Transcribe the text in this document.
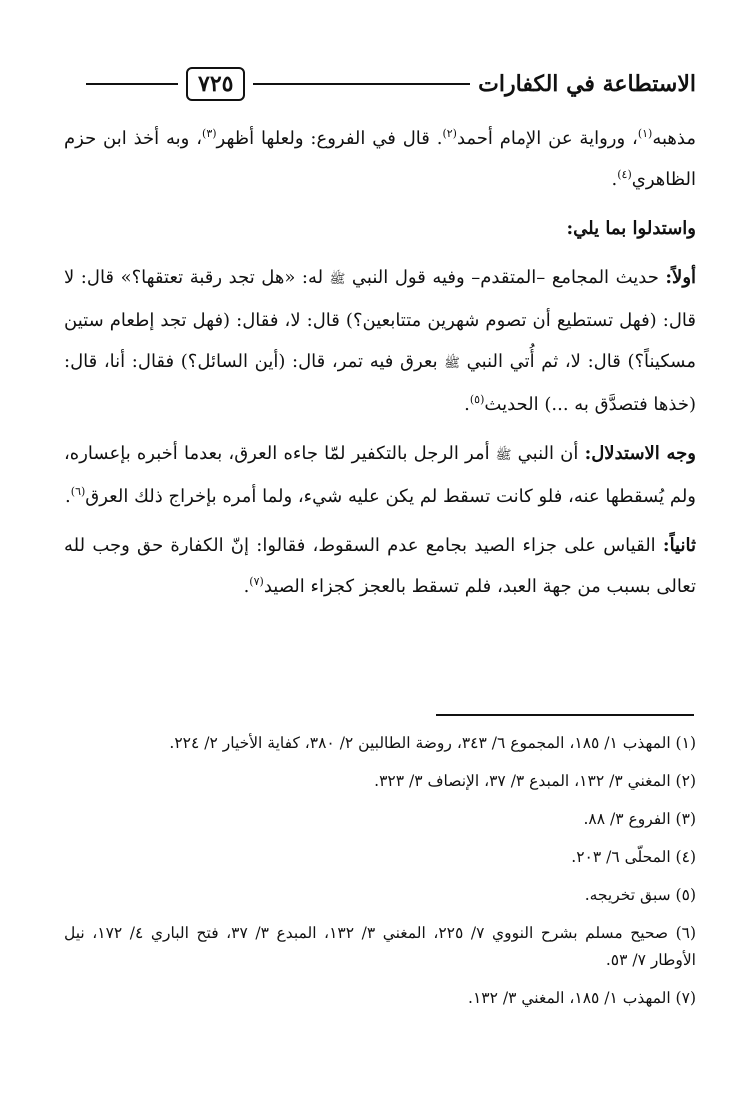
٧٢٥	الاستطاعة في الكفارات

مذهبه$^{(١)}$، ورواية عن الإمام أحمد$^{(٢)}$. قال في الفروع: ولعلها أظهر$^{(٣)}$، وبه أخذ ابن حزم الظاهري$^{(٤)}$.

واستدلوا بما يلي:

أولاً: حديث المجامع –المتقدم– وفيه قول النبي ﷺ له: «هل تجد رقبة تعتقها؟» قال: لا قال: (فهل تستطيع أن تصوم شهرين متتابعين؟) قال: لا، فقال: (فهل تجد إطعام ستين مسكيناً؟) قال: لا، ثم أُتي النبي ﷺ بعرق فيه تمر، قال: (أين السائل؟) فقال: أنا، قال: (خذها فتصدَّق به ...) الحديث$^{(٥)}$.

وجه الاستدلال: أن النبي ﷺ أمر الرجل بالتكفير لمّا جاءه العرق، بعدما أخبره بإعساره، ولم يُسقطها عنه، فلو كانت تسقط لم يكن عليه شيء، ولما أمره بإخراج ذلك العرق$^{(٦)}$.

ثانياً: القياس على جزاء الصيد بجامع عدم السقوط، فقالوا: إنّ الكفارة حق وجب لله تعالى بسبب من جهة العبد، فلم تسقط بالعجز كجزاء الصيد$^{(٧)}$.

(١) المهذب ١/ ١٨٥، المجموع ٦/ ٣٤٣، روضة الطالبين ٢/ ٣٨٠، كفاية الأخيار ٢/ ٢٢٤.

(٢) المغني ٣/ ١٣٢، المبدع ٣/ ٣٧، الإنصاف ٣/ ٣٢٣.

(٣) الفروع ٣/ ٨٨.

(٤) المحلّى ٦/ ٢٠٣.

(٥) سبق تخريجه.

(٦) صحيح مسلم بشرح النووي ٧/ ٢٢٥، المغني ٣/ ١٣٢، المبدع ٣/ ٣٧، فتح الباري ٤/ ١٧٢، نيل الأوطار ٧/ ٥٣.

(٧) المهذب ١/ ١٨٥، المغني ٣/ ١٣٢.
